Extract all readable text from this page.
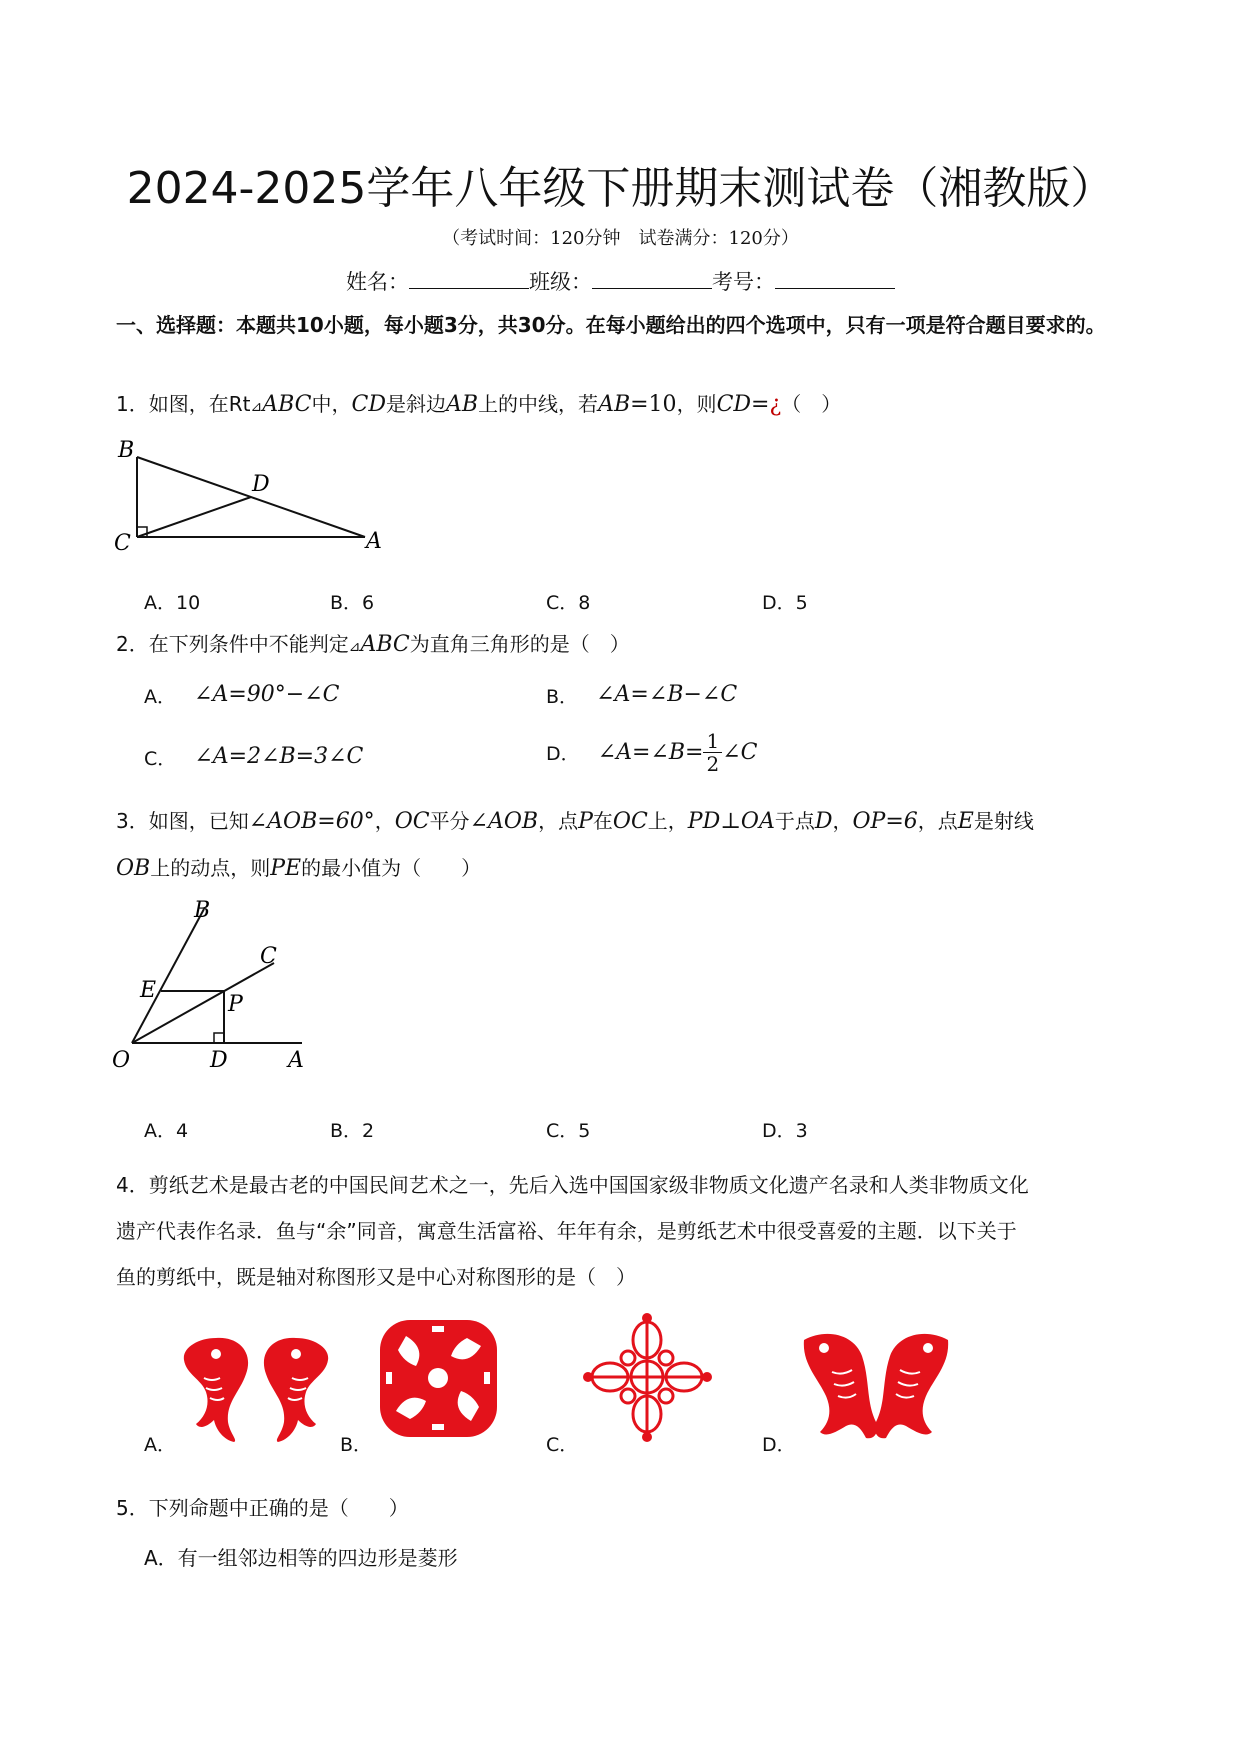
2024-2025学年八年级下册期末测试卷（湘教版）
（考试时间：120分钟　试卷满分：120分）
姓名：	班级：	考号：
一、选择题：本题共10小题，每小题3分，共30分。在每小题给出的四个选项中，只有一项是符合题目要求的。
1．如图，在Rt⊿ABC中，CD是斜边AB上的中线，若AB=10，则CD=¿（　）
B
C
D
A
A．10	B．6	C．8	D．5
2．在下列条件中不能判定⊿ABC为直角三角形的是（　）
A． ∠A=90°−∠C	B． ∠A=∠B−∠C
C． ∠A=2∠B=3∠C	D． ∠A=∠B= $\frac{1}{2}$ ∠C
3．如图，已知∠AOB=60°，OC平分∠AOB，点P在OC上，PD⊥OA于点D，OP=6，点E是射线
OB上的动点，则PE的最小值为（　　）
B
C
E
P
O	D	A
A．4	B．2	C．5	D．3
4．剪纸艺术是最古老的中国民间艺术之一，先后入选中国国家级非物质文化遗产名录和人类非物质文化
遗产代表作名录．鱼与“余”同音，寓意生活富裕、年年有余，是剪纸艺术中很受喜爱的主题．以下关于
鱼的剪纸中，既是轴对称图形又是中心对称图形的是（　）
A．	B．	C．	D．
5．下列命题中正确的是（　　）
A．有一组邻边相等的四边形是菱形
